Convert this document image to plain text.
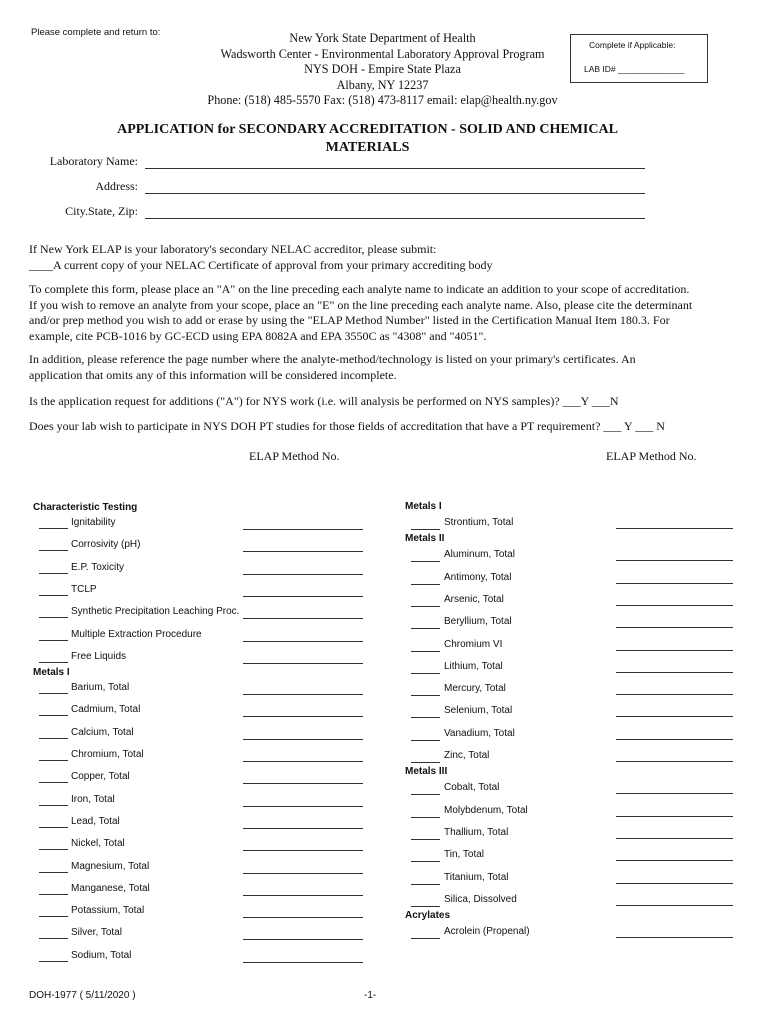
Please complete and return to:	New York State Department of Health
Wadsworth Center - Environmental Laboratory Approval Program
NYS DOH - Empire State Plaza
Albany, NY 12237
Phone: (518) 485-5570 Fax: (518) 473-8117 email: elap@health.ny.gov
Complete if Applicable:
LAB ID# ______________
APPLICATION for SECONDARY ACCREDITATION - SOLID AND CHEMICAL
MATERIALS
Laboratory Name:
Address:
City.State, Zip:
If New York ELAP is your laboratory's secondary NELAC accreditor, please submit:
____A current copy of your NELAC Certificate of approval from your primary accrediting body
To complete this form, please place an "A" on the line preceding each analyte name to indicate an addition to your scope of accreditation.
If you wish to remove an analyte from your scope, place an "E" on the line preceding each analyte name. Also, please cite the determinant
and/or prep method you wish to add or erase by using the "ELAP Method Number" listed in the Certification Manual Item 180.3. For
example, cite PCB-1016 by GC-ECD using EPA 8082A and EPA 3550C as "4308" and "4051".
In addition, please reference the page number where the analyte-method/technology is listed on your primary's certificates. An
application that omits any of this information will be considered incomplete.
Is the application request for additions ("A") for NYS work (i.e. will analysis be performed on NYS samples)? ___Y ___N
Does your lab wish to participate in NYS DOH PT studies for those fields of accreditation that have a PT requirement? ___ Y ___ N
ELAP Method No.	ELAP Method No.
Characteristic Testing
Ignitability
Corrosivity (pH)
E.P. Toxicity
TCLP
Synthetic Precipitation Leaching Proc.
Multiple Extraction Procedure
Free Liquids
Metals I
Barium, Total
Cadmium, Total
Calcium, Total
Chromium, Total
Copper, Total
Iron, Total
Lead, Total
Nickel, Total
Magnesium, Total
Manganese, Total
Potassium, Total
Silver, Total
Sodium, Total
Metals I
Strontium, Total
Metals II
Aluminum, Total
Antimony, Total
Arsenic, Total
Beryllium, Total
Chromium VI
Lithium, Total
Mercury, Total
Selenium, Total
Vanadium, Total
Zinc, Total
Metals III
Cobalt, Total
Molybdenum, Total
Thallium, Total
Tin, Total
Titanium, Total
Silica, Dissolved
Acrylates
Acrolein (Propenal)
DOH-1977 ( 5/11/2020 )	-1-
